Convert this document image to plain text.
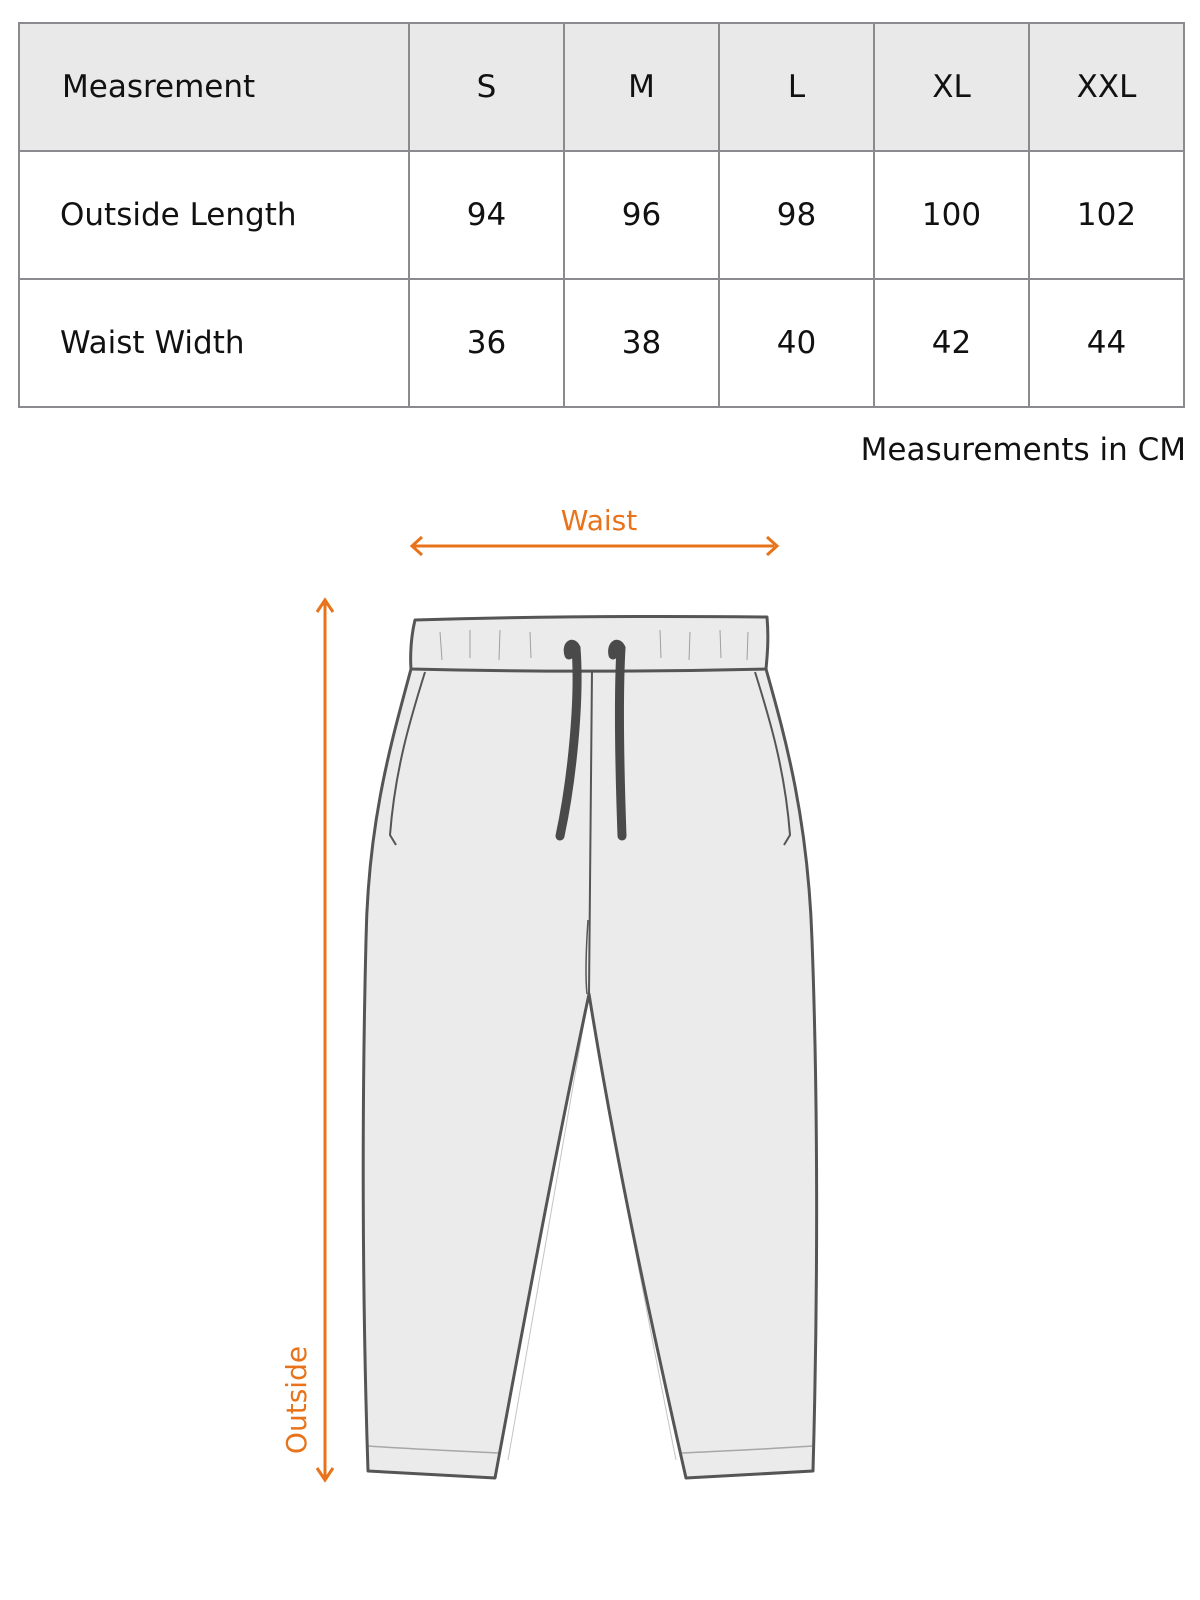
Measrement	S	M	L	XL	XXL
Outside Length	94	96	98	100	102
Waist Width	36	38	40	42	44
Measurements in CM
Waist
Outside
